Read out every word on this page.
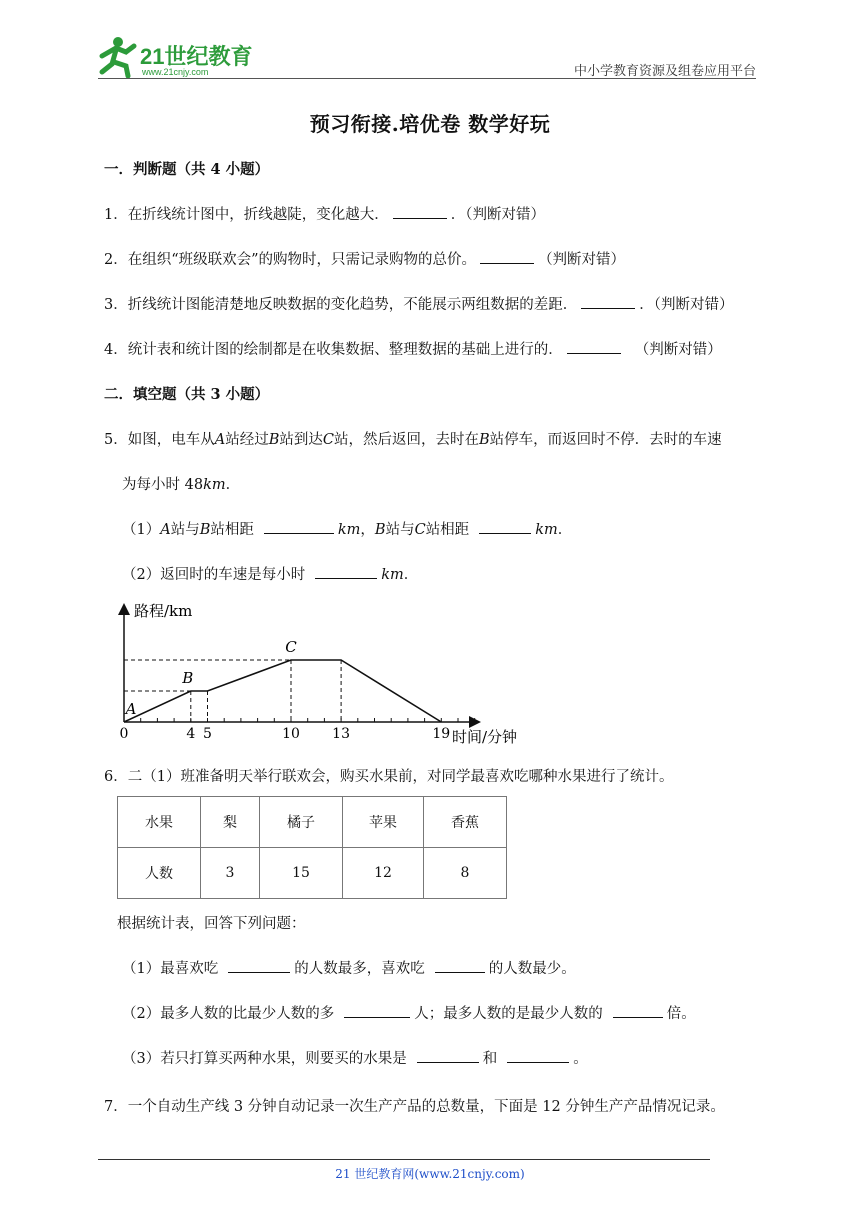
21世纪教育
www.21cnjy.com	中小学教育资源及组卷应用平台
预习衔接.培优卷 数学好玩
一．判断题（共 4 小题）
1．在折线统计图中，折线越陡，变化越大．	．（判断对错）
2．在组织“班级联欢会”的购物时，只需记录购物的总价。	（判断对错）
3．折线统计图能清楚地反映数据的变化趋势，不能展示两组数据的差距．	．（判断对错）
4．统计表和统计图的绘制都是在收集数据、整理数据的基础上进行的．	（判断对错）
二．填空题（共 3 小题）
5．如图，电车从A站经过B站到达C站，然后返回，去时在B站停车，而返回时不停．去时的车速
为每小时 48km．
（1）A站与B站相距	km，B站与C站相距	km．
（2）返回时的车速是每小时	km．
路程/km
时间/分钟
0	4 5	10 13	19
A
B
C
6．二（1）班准备明天举行联欢会，购买水果前，对同学最喜欢吃哪种水果进行了统计。
水果	梨	橘子	苹果	香蕉
人数	3	15	12	8
根据统计表，回答下列问题：
（1）最喜欢吃	的人数最多，喜欢吃	的人数最少。
（2）最多人数的比最少人数的多	人；最多人数的是最少人数的	倍。
（3）若只打算买两种水果，则要买的水果是	和	。
7．一个自动生产线 3 分钟自动记录一次生产产品的总数量，下面是 12 分钟生产产品情况记录。
21 世纪教育网(www.21cnjy.com)
